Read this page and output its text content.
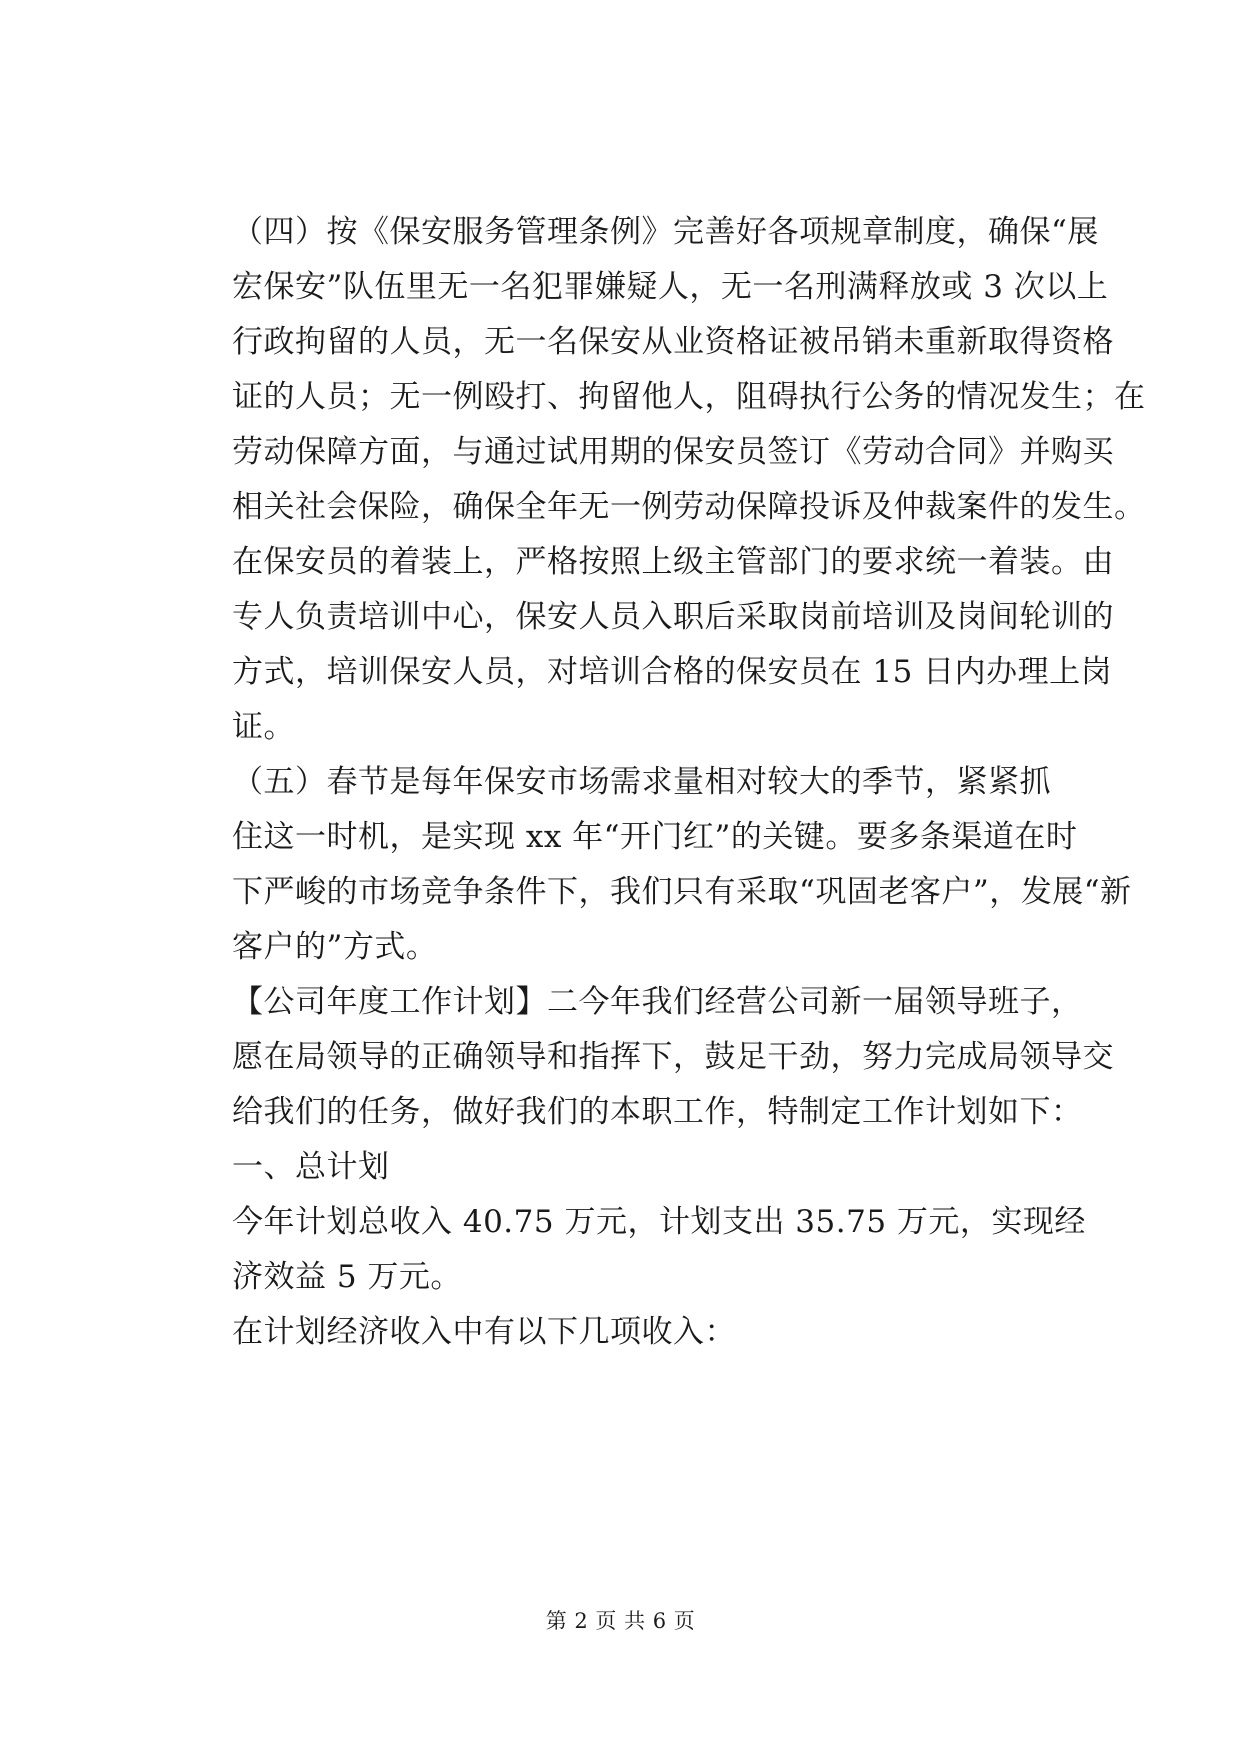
（四）按《保安服务管理条例》完善好各项规章制度，确保“展
宏保安”队伍里无一名犯罪嫌疑人，无一名刑满释放或 3 次以上
行政拘留的人员，无一名保安从业资格证被吊销未重新取得资格
证的人员；无一例殴打、拘留他人，阻碍执行公务的情况发生；在
劳动保障方面，与通过试用期的保安员签订《劳动合同》并购买
相关社会保险，确保全年无一例劳动保障投诉及仲裁案件的发生。
在保安员的着装上，严格按照上级主管部门的要求统一着装。由
专人负责培训中心，保安人员入职后采取岗前培训及岗间轮训的
方式，培训保安人员，对培训合格的保安员在 15 日内办理上岗
证。
（五）春节是每年保安市场需求量相对较大的季节，紧紧抓
住这一时机，是实现 xx 年“开门红”的关键。要多条渠道在时
下严峻的市场竞争条件下，我们只有采取“巩固老客户”，发展“新
客户的”方式。
【公司年度工作计划】二今年我们经营公司新一届领导班子，
愿在局领导的正确领导和指挥下，鼓足干劲，努力完成局领导交
给我们的任务，做好我们的本职工作，特制定工作计划如下：
一、总计划
今年计划总收入 40.75 万元，计划支出 35.75 万元，实现经
济效益 5 万元。
在计划经济收入中有以下几项收入：
第 2 页 共 6 页
